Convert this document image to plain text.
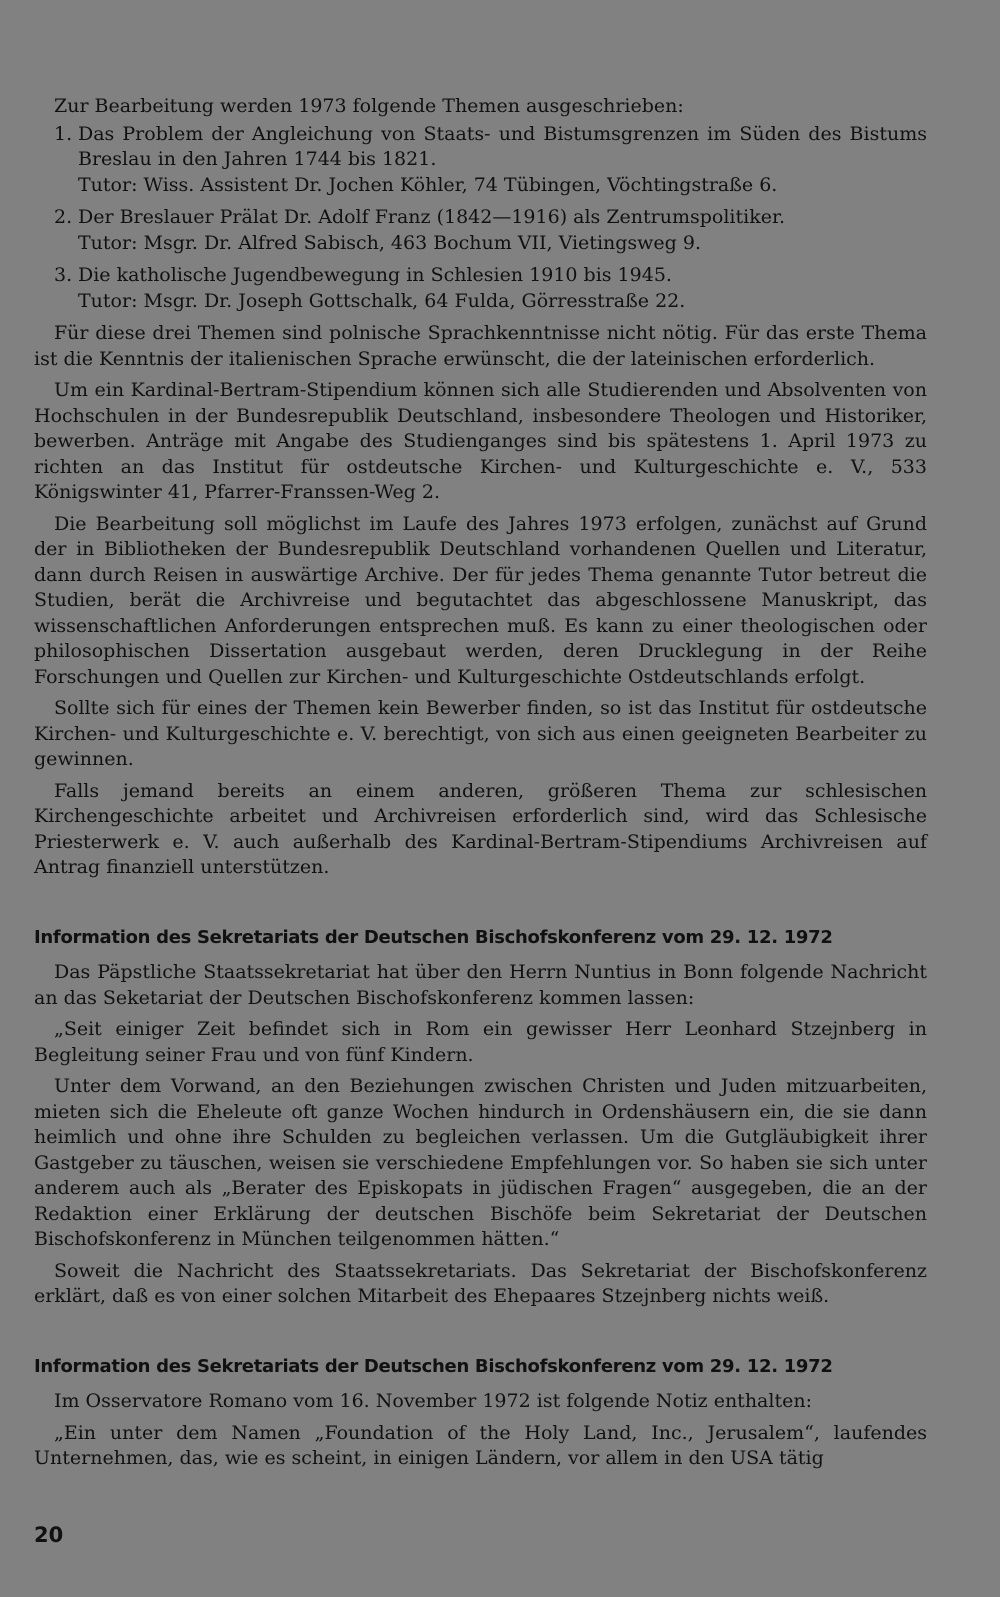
Zur Bearbeitung werden 1973 folgende Themen ausgeschrieben:

1. Das Problem der Angleichung von Staats- und Bistumsgrenzen im Süden des Bistums Breslau in den Jahren 1744 bis 1821.
Tutor: Wiss. Assistent Dr. Jochen Köhler, 74 Tübingen, Vöchtingstraße 6.
2. Der Breslauer Prälat Dr. Adolf Franz (1842—1916) als Zentrumspolitiker.
Tutor: Msgr. Dr. Alfred Sabisch, 463 Bochum VII, Vietingsweg 9.
3. Die katholische Jugendbewegung in Schlesien 1910 bis 1945.
Tutor: Msgr. Dr. Joseph Gottschalk, 64 Fulda, Görresstraße 22.

Für diese drei Themen sind polnische Sprachkenntnisse nicht nötig. Für das erste Thema ist die Kenntnis der italienischen Sprache erwünscht, die der lateinischen erforderlich.

Um ein Kardinal-Bertram-Stipendium können sich alle Studierenden und Absolventen von Hochschulen in der Bundesrepublik Deutschland, insbesondere Theologen und Historiker, bewerben. Anträge mit Angabe des Studienganges sind bis spätestens 1. April 1973 zu richten an das Institut für ostdeutsche Kirchen- und Kulturgeschichte e. V., 533 Königswinter 41, Pfarrer-Franssen-Weg 2.

Die Bearbeitung soll möglichst im Laufe des Jahres 1973 erfolgen, zunächst auf Grund der in Bibliotheken der Bundesrepublik Deutschland vorhandenen Quellen und Literatur, dann durch Reisen in auswärtige Archive. Der für jedes Thema genannte Tutor betreut die Studien, berät die Archivreise und begutachtet das abgeschlossene Manuskript, das wissenschaftlichen Anforderungen entsprechen muß. Es kann zu einer theologischen oder philosophischen Dissertation ausgebaut werden, deren Drucklegung in der Reihe Forschungen und Quellen zur Kirchen- und Kulturgeschichte Ostdeutschlands erfolgt.

Sollte sich für eines der Themen kein Bewerber finden, so ist das Institut für ostdeutsche Kirchen- und Kulturgeschichte e. V. berechtigt, von sich aus einen geeigneten Bearbeiter zu gewinnen.

Falls jemand bereits an einem anderen, größeren Thema zur schlesischen Kirchengeschichte arbeitet und Archivreisen erforderlich sind, wird das Schlesische Priesterwerk e. V. auch außerhalb des Kardinal-Bertram-Stipendiums Archivreisen auf Antrag finanziell unterstützen.

Information des Sekretariats der Deutschen Bischofskonferenz vom 29. 12. 1972

Das Päpstliche Staatssekretariat hat über den Herrn Nuntius in Bonn folgende Nachricht an das Seketariat der Deutschen Bischofskonferenz kommen lassen:

„Seit einiger Zeit befindet sich in Rom ein gewisser Herr Leonhard Stzejnberg in Begleitung seiner Frau und von fünf Kindern.

Unter dem Vorwand, an den Beziehungen zwischen Christen und Juden mitzuarbeiten, mieten sich die Eheleute oft ganze Wochen hindurch in Ordenshäusern ein, die sie dann heimlich und ohne ihre Schulden zu begleichen verlassen. Um die Gutgläubigkeit ihrer Gastgeber zu täuschen, weisen sie verschiedene Empfehlungen vor. So haben sie sich unter anderem auch als „Berater des Episkopats in jüdischen Fragen“ ausgegeben, die an der Redaktion einer Erklärung der deutschen Bischöfe beim Sekretariat der Deutschen Bischofskonferenz in München teilgenommen hätten.“

Soweit die Nachricht des Staatssekretariats. Das Sekretariat der Bischofskonferenz erklärt, daß es von einer solchen Mitarbeit des Ehepaares Stzejnberg nichts weiß.

Information des Sekretariats der Deutschen Bischofskonferenz vom 29. 12. 1972

Im Osservatore Romano vom 16. November 1972 ist folgende Notiz enthalten:

„Ein unter dem Namen „Foundation of the Holy Land, Inc., Jerusalem“, laufendes Unternehmen, das, wie es scheint, in einigen Ländern, vor allem in den USA tätig

20
